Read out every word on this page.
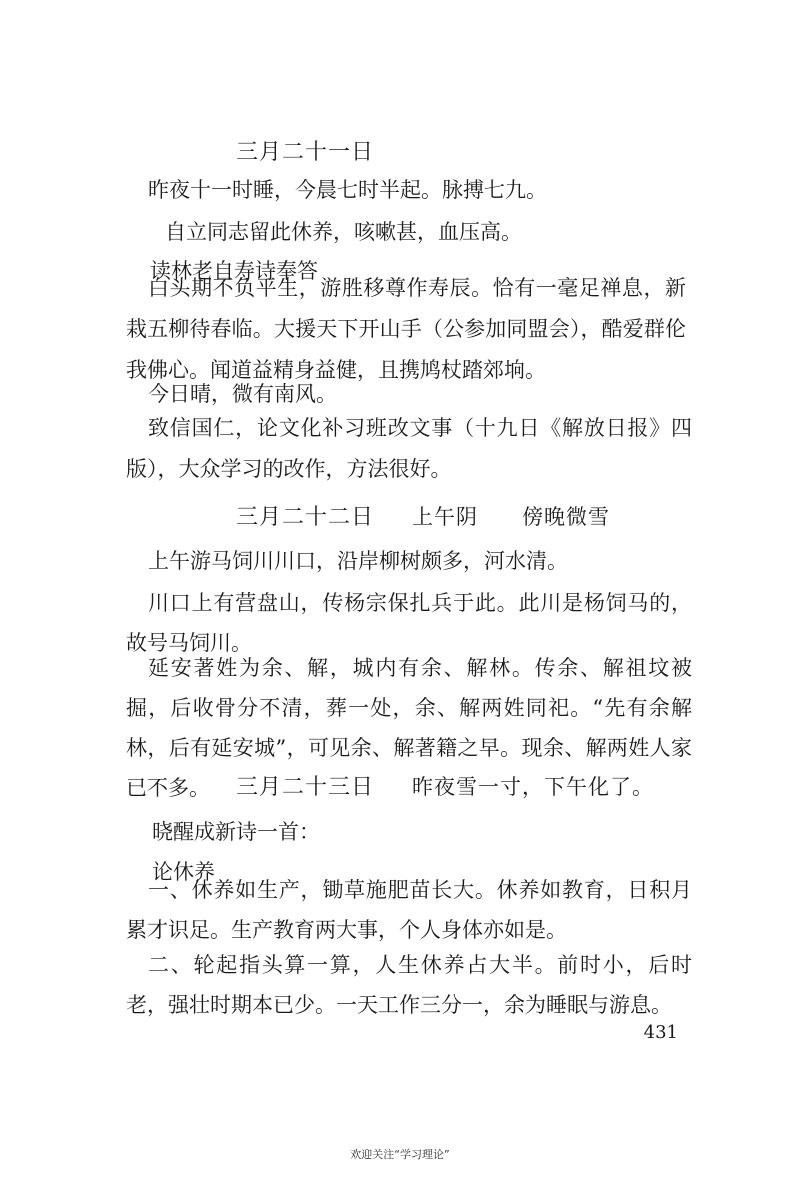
三月二十一日

昨夜十一时睡，今晨七时半起。脉搏七九。

自立同志留此休养，咳嗽甚，血压高。

读林老自寿诗奉答

白头期不负平生，游胜移尊作寿辰。恰有一毫足禅息，新栽五柳待春临。大援天下开山手（公参加同盟会），酷爱群伦我佛心。闻道益精身益健，且携鸠杖踏郊垧。

今日晴，微有南风。

致信国仁，论文化补习班改文事（十九日《解放日报》四版），大众学习的改作，方法很好。

三月二十二日 上午阴　　傍晚微雪

上午游马饲川川口，沿岸柳树颇多，河水清。

川口上有营盘山，传杨宗保扎兵于此。此川是杨饲马的，故号马饲川。

延安著姓为余、解，城内有余、解林。传余、解祖坟被掘，后收骨分不清，葬一处，余、解两姓同祀。“先有余解林，后有延安城”，可见余、解著籍之早。现余、解两姓人家已不多。	三月二十三日 昨夜雪一寸，下午化了。

晓醒成新诗一首：

论休养

一、休养如生产，锄草施肥苗长大。休养如教育，日积月累才识足。生产教育两大事，个人身体亦如是。

二、轮起指头算一算，人生休养占大半。前时小，后时老，强壮时期本已少。一天工作三分一，余为睡眠与游息。

431
欢迎关注“学习理论”
